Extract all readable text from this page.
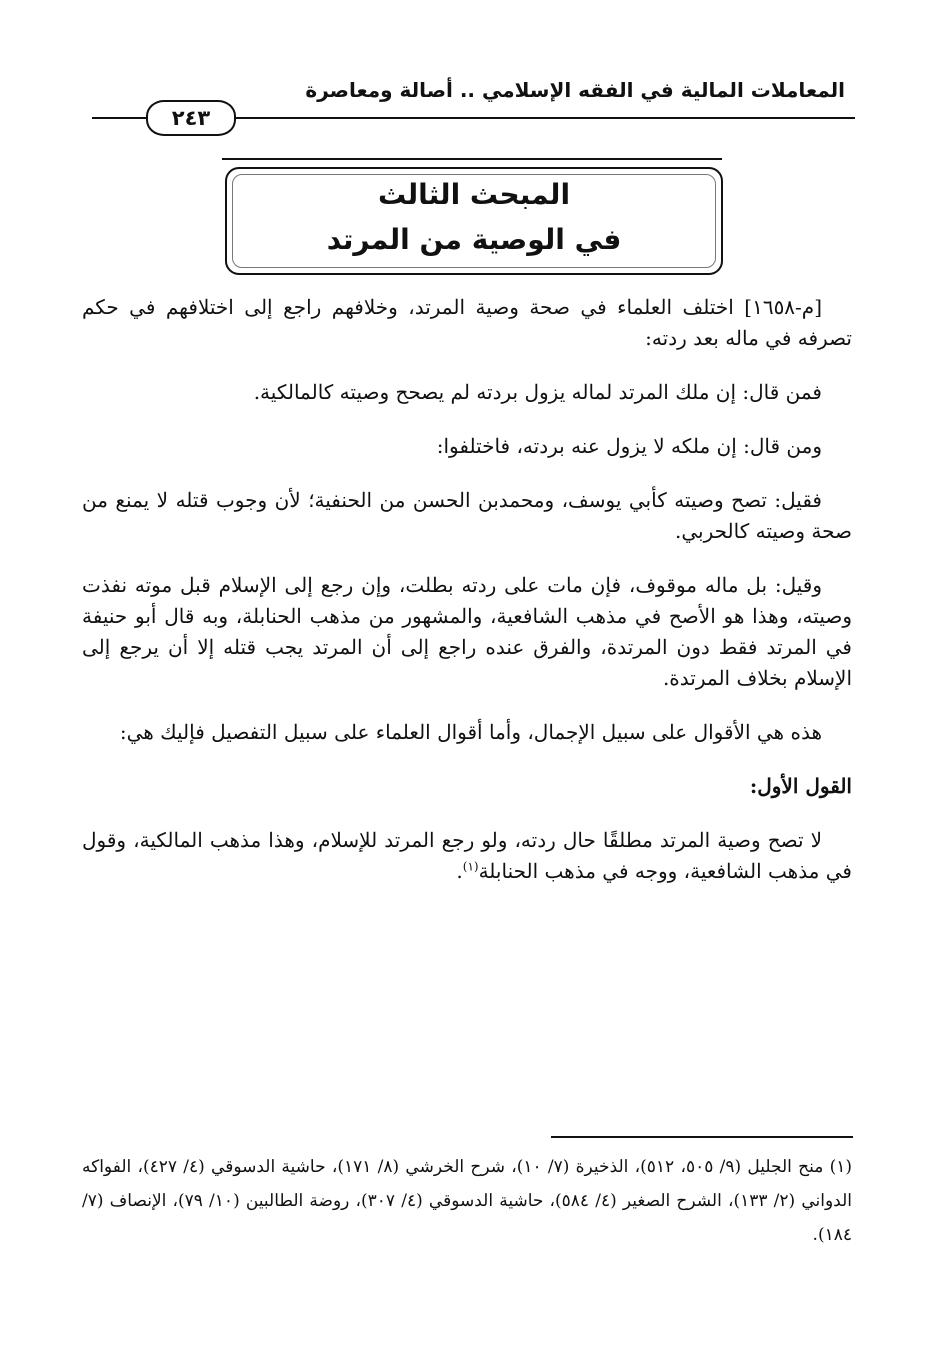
المعاملات المالية في الفقه الإسلامي .. أصالة ومعاصرة
٢٤٣
المبحث الثالث
في الوصية من المرتد

[م-١٦٥٨] اختلف العلماء في صحة وصية المرتد، وخلافهم راجع إلى اختلافهم في حكم تصرفه في ماله بعد ردته:

فمن قال: إن ملك المرتد لماله يزول بردته لم يصحح وصيته كالمالكية.

ومن قال: إن ملكه لا يزول عنه بردته، فاختلفوا:

فقيل: تصح وصيته كأبي يوسف، ومحمدبن الحسن من الحنفية؛ لأن وجوب قتله لا يمنع من صحة وصيته كالحربي.

وقيل: بل ماله موقوف، فإن مات على ردته بطلت، وإن رجع إلى الإسلام قبل موته نفذت وصيته، وهذا هو الأصح في مذهب الشافعية، والمشهور من مذهب الحنابلة، وبه قال أبو حنيفة في المرتد فقط دون المرتدة، والفرق عنده راجع إلى أن المرتد يجب قتله إلا أن يرجع إلى الإسلام بخلاف المرتدة.

هذه هي الأقوال على سبيل الإجمال، وأما أقوال العلماء على سبيل التفصيل فإليك هي:

القول الأول:

لا تصح وصية المرتد مطلقًا حال ردته، ولو رجع المرتد للإسلام، وهذا مذهب المالكية، وقول في مذهب الشافعية، ووجه في مذهب الحنابلة$^{(١)}$.

(١) منح الجليل (٩/ ٥٠٥، ٥١٢)، الذخيرة (٧/ ١٠)، شرح الخرشي (٨/ ١٧١)، حاشية الدسوقي (٤/ ٤٢٧)، الفواكه الدواني (٢/ ١٣٣)، الشرح الصغير (٤/ ٥٨٤)، حاشية الدسوقي (٤/ ٣٠٧)، روضة الطالبين (١٠/ ٧٩)، الإنصاف (٧/ ١٨٤).
